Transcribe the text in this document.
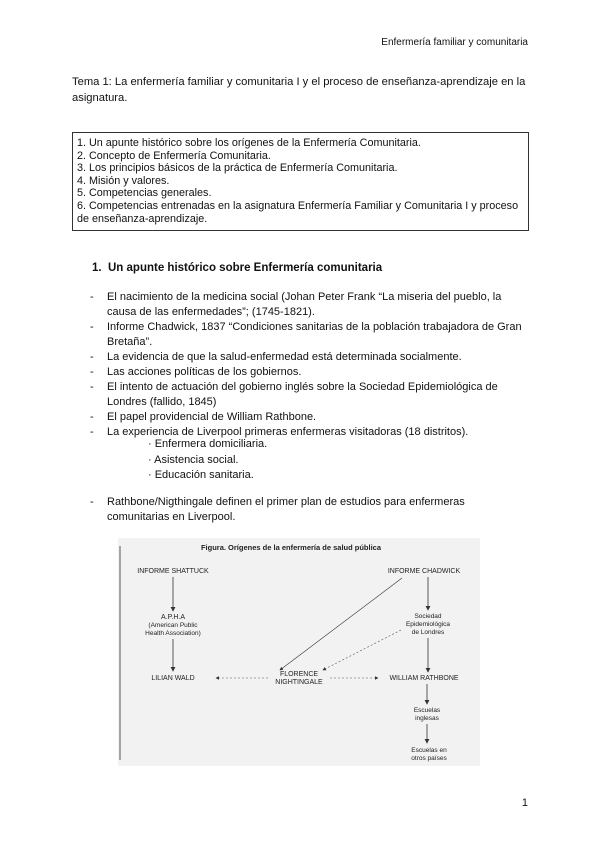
Enfermería familiar y comunitaria
Tema 1: La enfermería familiar y comunitaria I y el proceso de enseñanza-aprendizaje en la asignatura.
1. Un apunte histórico sobre los orígenes de la Enfermería Comunitaria.
2. Concepto de Enfermería Comunitaria.
3. Los principios básicos de la práctica de Enfermería Comunitaria.
4. Misión y valores.
5. Competencias generales.
6. Competencias entrenadas en la asignatura Enfermería Familiar y Comunitaria I y proceso de enseñanza-aprendizaje.
1. Un apunte histórico sobre Enfermería comunitaria
- El nacimiento de la medicina social (Johan Peter Frank “La miseria del pueblo, la causa de las enfermedades”; (1745-1821).
- Informe Chadwick, 1837 “Condiciones sanitarias de la población trabajadora de Gran Bretaña”.
- La evidencia de que la salud-enfermedad está determinada socialmente.
- Las acciones políticas de los gobiernos.
- El intento de actuación del gobierno inglés sobre la Sociedad Epidemiológica de Londres (fallido, 1845)
- El papel providencial de William Rathbone.
- La experiencia de Liverpool primeras enfermeras visitadoras (18 distritos).
· Enfermera domiciliaria.
· Asistencia social.
· Educación sanitaria.
- Rathbone/Nigthingale definen el primer plan de estudios para enfermeras comunitarias en Liverpool.
Figura. Orígenes de la enfermería de salud pública
INFORME SHATTUCK	INFORME CHADWICK
A.P.H.A
(American Public
Health Association)
Sociedad
Epidemiológica
de Londres
LILIAN WALD
FLORENCE
NIGHTINGALE
WILLIAM RATHBONE
Escuelas
inglesas
Escuelas en
otros países
1
